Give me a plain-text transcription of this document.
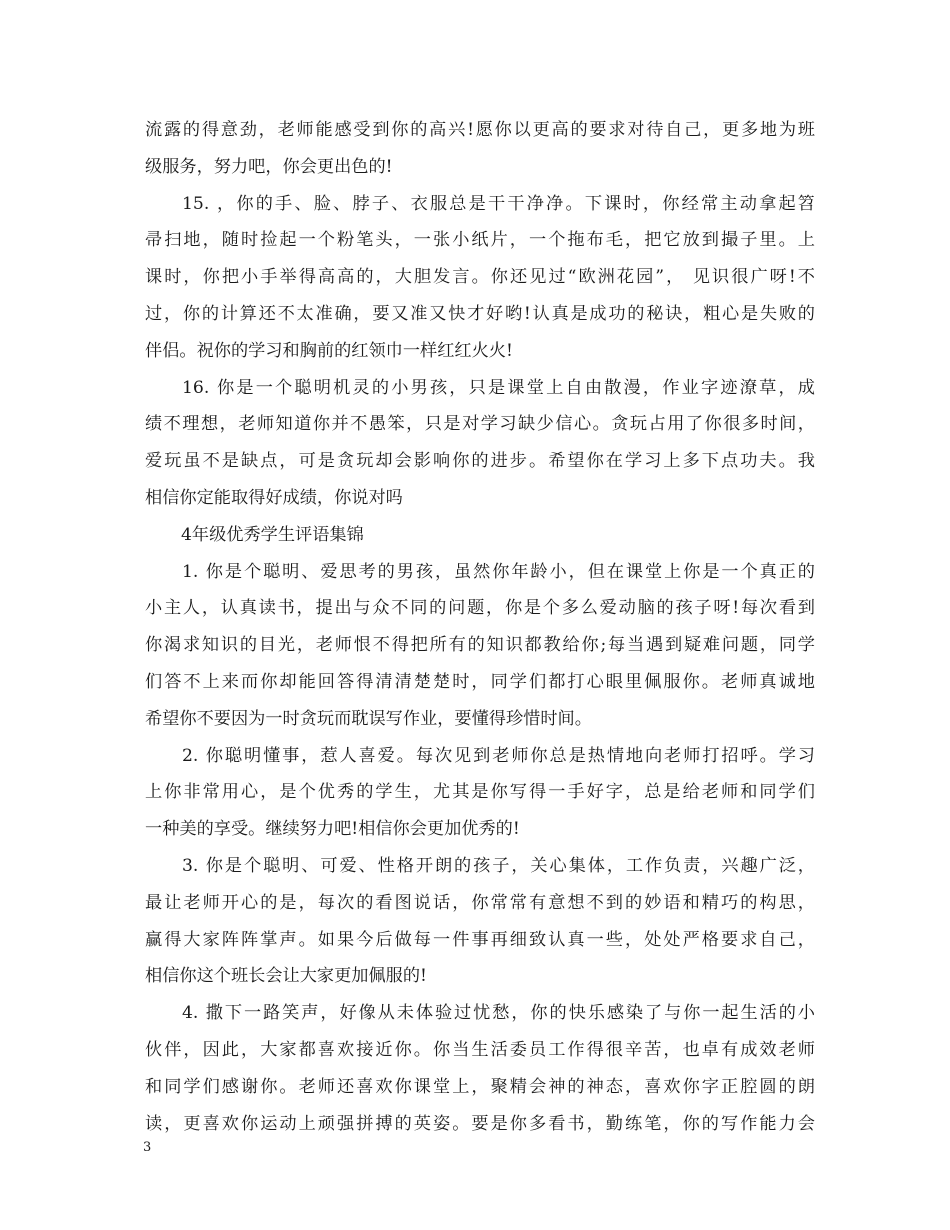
流露的得意劲，老师能感受到你的高兴!愿你以更高的要求对待自己，更多地为班
级服务，努力吧，你会更出色的!
15. ，你的手、脸、脖子、衣服总是干干净净。下课时，你经常主动拿起笤
帚扫地，随时捡起一个粉笔头，一张小纸片，一个拖布毛，把它放到撮子里。上
课时，你把小手举得高高的，大胆发言。你还见过“欧洲花园”， 见识很广呀!不
过，你的计算还不太准确，要又准又快才好哟!认真是成功的秘诀，粗心是失败的
伴侣。祝你的学习和胸前的红领巾一样红红火火!
16. 你是一个聪明机灵的小男孩，只是课堂上自由散漫，作业字迹潦草，成
绩不理想，老师知道你并不愚笨，只是对学习缺少信心。贪玩占用了你很多时间，
爱玩虽不是缺点，可是贪玩却会影响你的进步。希望你在学习上多下点功夫。我
相信你定能取得好成绩，你说对吗
4年级优秀学生评语集锦
1. 你是个聪明、爱思考的男孩，虽然你年龄小，但在课堂上你是一个真正的
小主人，认真读书，提出与众不同的问题，你是个多么爱动脑的孩子呀!每次看到
你渴求知识的目光，老师恨不得把所有的知识都教给你;每当遇到疑难问题，同学
们答不上来而你却能回答得清清楚楚时，同学们都打心眼里佩服你。老师真诚地
希望你不要因为一时贪玩而耽误写作业，要懂得珍惜时间。
2. 你聪明懂事，惹人喜爱。每次见到老师你总是热情地向老师打招呼。学习
上你非常用心，是个优秀的学生，尤其是你写得一手好字，总是给老师和同学们
一种美的享受。继续努力吧!相信你会更加优秀的!
3. 你是个聪明、可爱、性格开朗的孩子，关心集体，工作负责，兴趣广泛，
最让老师开心的是，每次的看图说话，你常常有意想不到的妙语和精巧的构思，
赢得大家阵阵掌声。如果今后做每一件事再细致认真一些，处处严格要求自己，
相信你这个班长会让大家更加佩服的!
4. 撒下一路笑声，好像从未体验过忧愁，你的快乐感染了与你一起生活的小
伙伴，因此，大家都喜欢接近你。你当生活委员工作得很辛苦，也卓有成效老师
和同学们感谢你。老师还喜欢你课堂上，聚精会神的神态，喜欢你字正腔圆的朗
读，更喜欢你运动上顽强拼搏的英姿。要是你多看书，勤练笔，你的写作能力会
3
